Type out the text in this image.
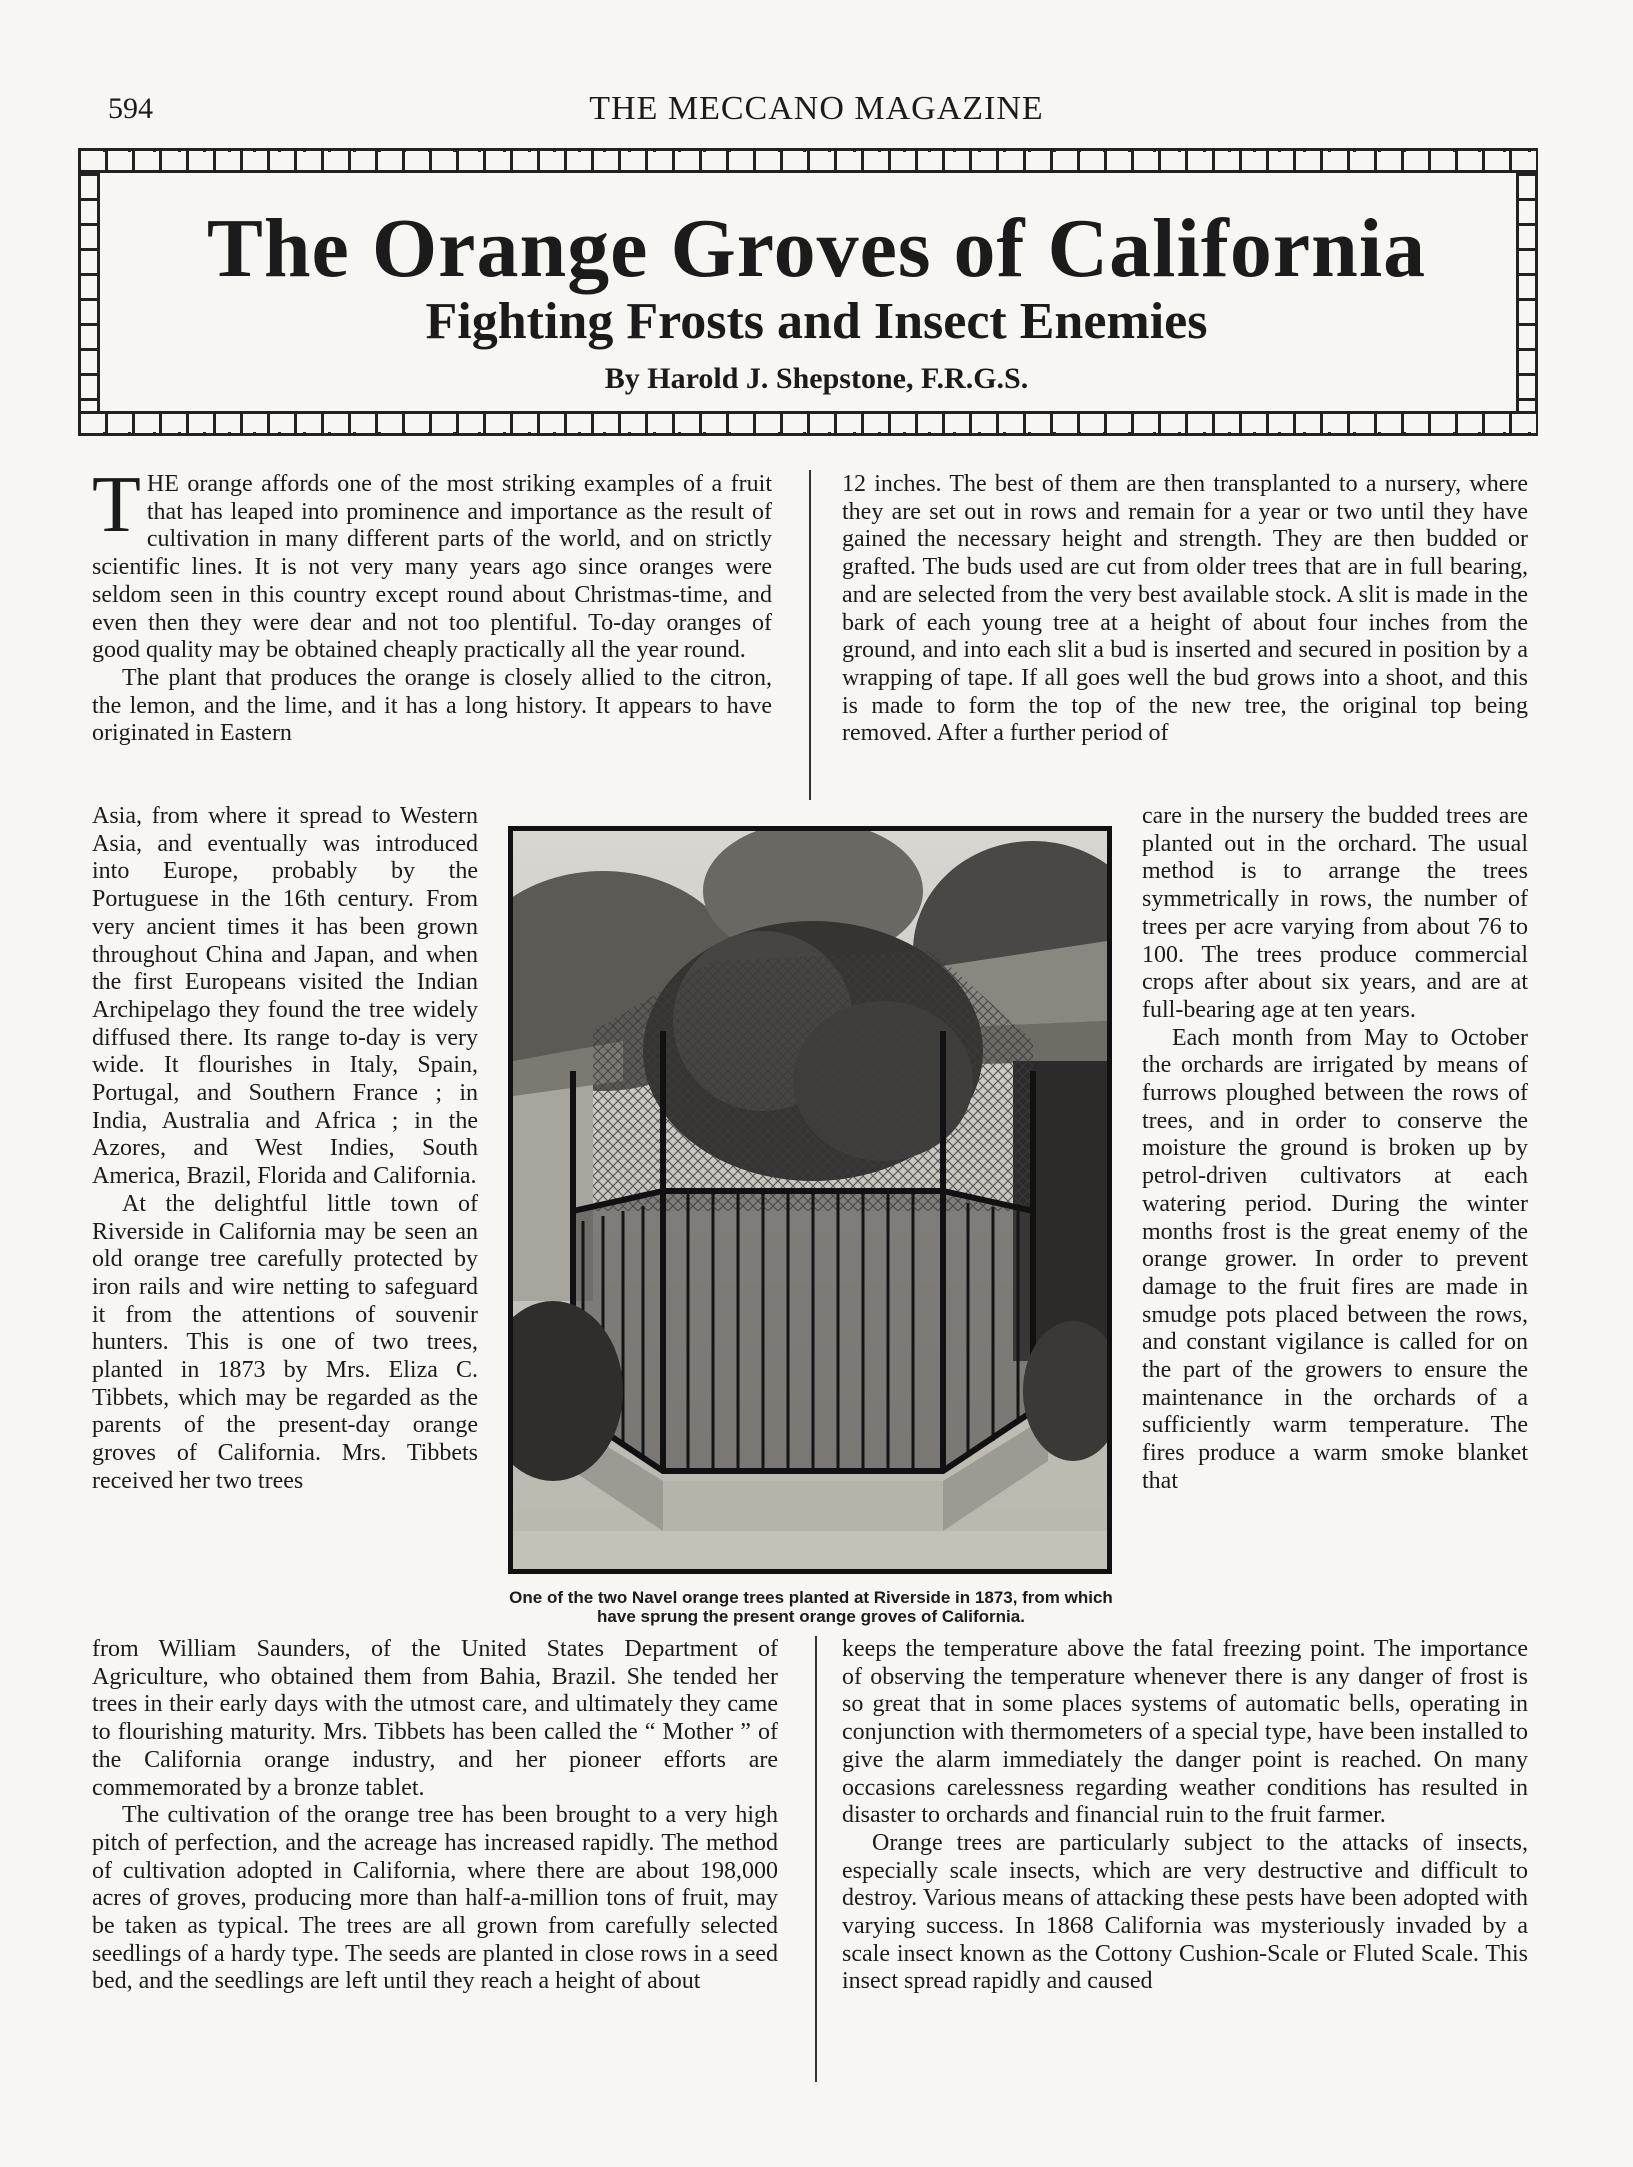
594	THE MECCANO MAGAZINE
The Orange Groves of California
Fighting Frosts and Insect Enemies
By Harold J. Shepstone, F.R.G.S.
T HE orange affords one of the most striking examples of a fruit that has leaped into prominence and importance as the result of cultivation in many different parts of the world, and on strictly scientific lines. It is not very many years ago since oranges were seldom seen in this country except round about Christmas-time, and even then they were dear and not too plentiful. To-day oranges of good quality may be obtained cheaply practically all the year round.

The plant that produces the orange is closely allied to the citron, the lemon, and the lime, and it has a long history. It appears to have originated in Eastern

Asia, from where it spread to Western Asia, and eventually was introduced into Europe, probably by the Portuguese in the 16th century. From very ancient times it has been grown throughout China and Japan, and when the first Europeans visited the Indian Archipelago they found the tree widely diffused there. Its range to-day is very wide. It flourishes in Italy, Spain, Portugal, and Southern France ; in India, Australia and Africa ; in the Azores, and West Indies, South America, Brazil, Florida and California.

At the delightful little town of Riverside in California may be seen an old orange tree carefully protected by iron rails and wire netting to safeguard it from the attentions of souvenir hunters. This is one of two trees, planted in 1873 by Mrs. Eliza C. Tibbets, which may be regarded as the parents of the present-day orange groves of California. Mrs. Tibbets received her two trees

from William Saunders, of the United States Department of Agriculture, who obtained them from Bahia, Brazil. She tended her trees in their early days with the utmost care, and ultimately they came to flourishing maturity. Mrs. Tibbets has been called the “ Mother ” of the California orange industry, and her pioneer efforts are commemorated by a bronze tablet.

The cultivation of the orange tree has been brought to a very high pitch of perfection, and the acreage has increased rapidly. The method of cultivation adopted in California, where there are about 198,000 acres of groves, producing more than half-a-million tons of fruit, may be taken as typical. The trees are all grown from carefully selected seedlings of a hardy type. The seeds are planted in close rows in a seed bed, and the seedlings are left until they reach a height of about

12 inches. The best of them are then transplanted to a nursery, where they are set out in rows and remain for a year or two until they have gained the necessary height and strength. They are then budded or grafted. The buds used are cut from older trees that are in full bearing, and are selected from the very best available stock. A slit is made in the bark of each young tree at a height of about four inches from the ground, and into each slit a bud is inserted and secured in position by a wrapping of tape. If all goes well the bud grows into a shoot, and this is made to form the top of the new tree, the original top being removed. After a further period of

care in the nursery the budded trees are planted out in the orchard. The usual method is to arrange the trees symmetrically in rows, the number of trees per acre varying from about 76 to 100. The trees produce commercial crops after about six years, and are at full-bearing age at ten years.

Each month from May to October the orchards are irrigated by means of furrows ploughed between the rows of trees, and in order to conserve the moisture the ground is broken up by petrol-driven cultivators at each watering period. During the winter months frost is the great enemy of the orange grower. In order to prevent damage to the fruit fires are made in smudge pots placed between the rows, and constant vigilance is called for on the part of the growers to ensure the maintenance in the orchards of a sufficiently warm temperature. The fires produce a warm smoke blanket that

keeps the temperature above the fatal freezing point. The importance of observing the temperature whenever there is any danger of frost is so great that in some places systems of automatic bells, operating in conjunction with thermometers of a special type, have been installed to give the alarm immediately the danger point is reached. On many occasions carelessness regarding weather conditions has resulted in disaster to orchards and financial ruin to the fruit farmer.

Orange trees are particularly subject to the attacks of insects, especially scale insects, which are very destructive and difficult to destroy. Various means of attacking these pests have been adopted with varying success. In 1868 California was mysteriously invaded by a scale insect known as the Cottony Cushion-Scale or Fluted Scale. This insect spread rapidly and caused

One of the two Navel orange trees planted at Riverside in 1873, from which have sprung the present orange groves of California.
